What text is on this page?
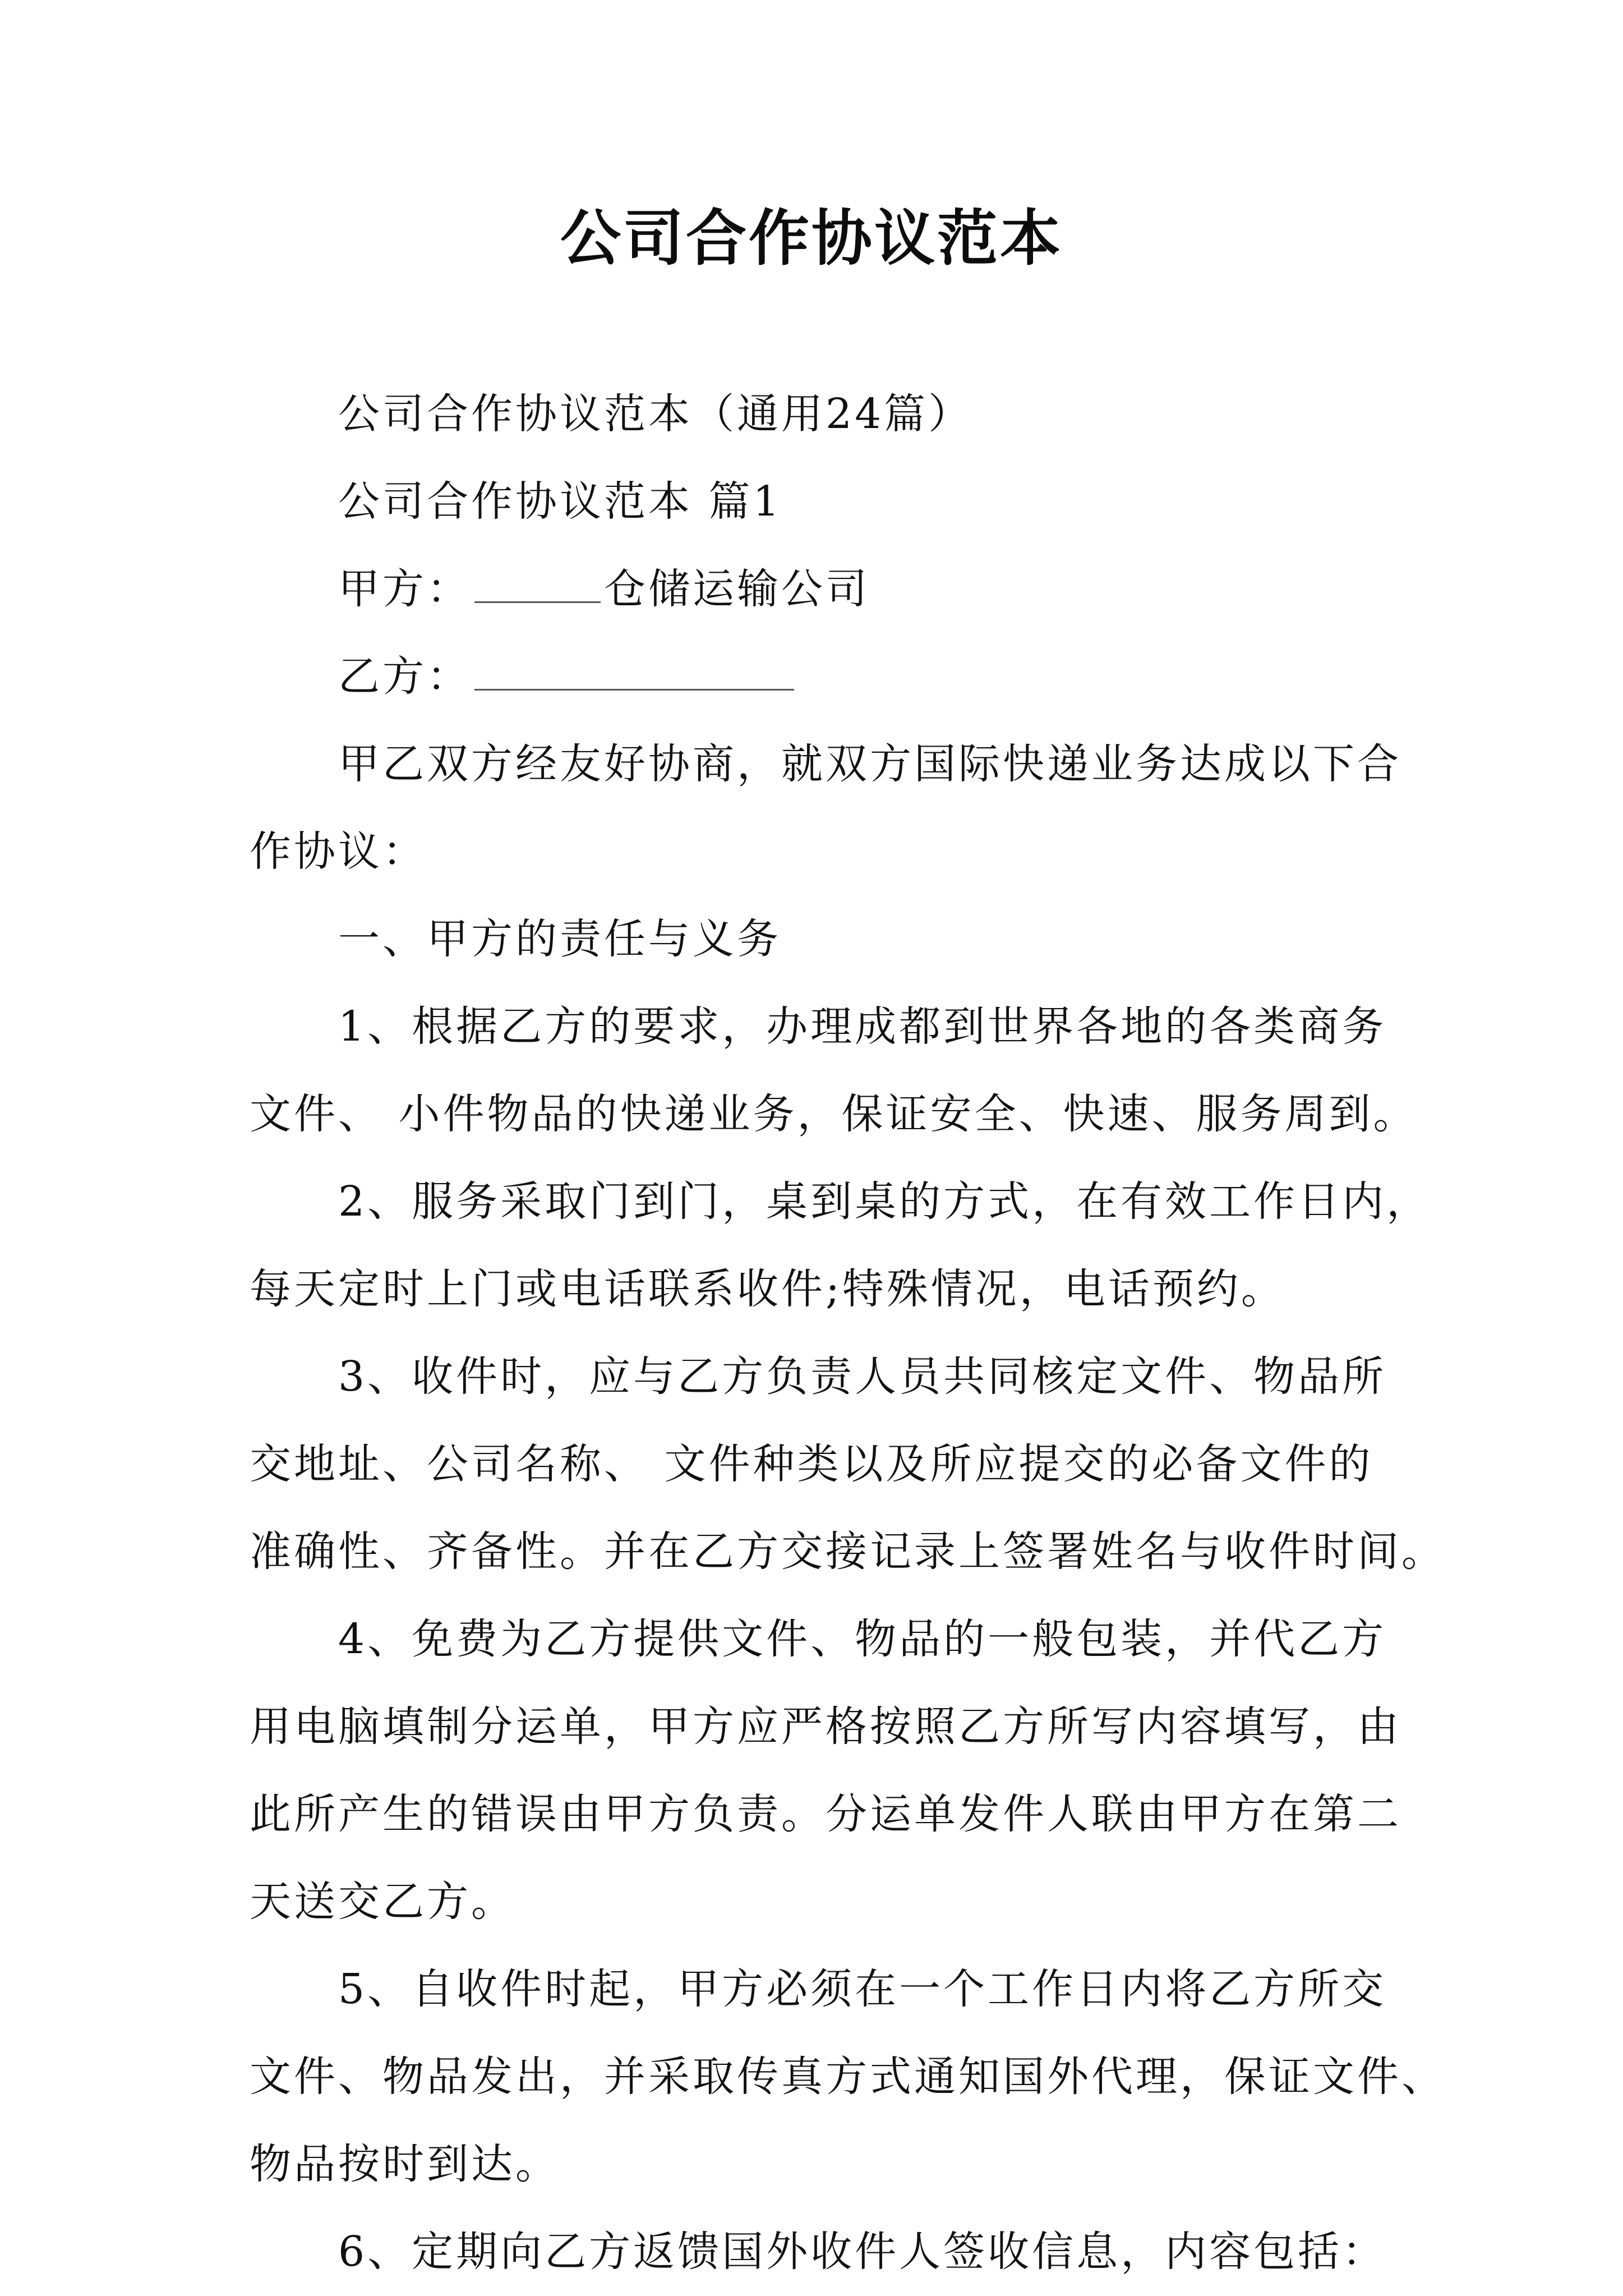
公司合作协议范本
公司合作协议范本（通用24篇）
公司合作协议范本 篇1
甲方：	仓储运输公司
乙方：
甲乙双方经友好协商，就双方国际快递业务达成以下合
作协议：
一、甲方的责任与义务
1、根据乙方的要求，办理成都到世界各地的各类商务
文件、 小件物品的快递业务，保证安全、快速、服务周到。
2、服务采取门到门，桌到桌的方式，在有效工作日内，
每天定时上门或电话联系收件;特殊情况，电话预约。
3、收件时，应与乙方负责人员共同核定文件、物品所
交地址、公司名称、 文件种类以及所应提交的必备文件的
准确性、齐备性。并在乙方交接记录上签署姓名与收件时间。
4、免费为乙方提供文件、物品的一般包装，并代乙方
用电脑填制分运单，甲方应严格按照乙方所写内容填写，由
此所产生的错误由甲方负责。分运单发件人联由甲方在第二
天送交乙方。
5、自收件时起，甲方必须在一个工作日内将乙方所交
文件、物品发出，并采取传真方式通知国外代理，保证文件、
物品按时到达。
6、定期向乙方返馈国外收件人签收信息，内容包括：
